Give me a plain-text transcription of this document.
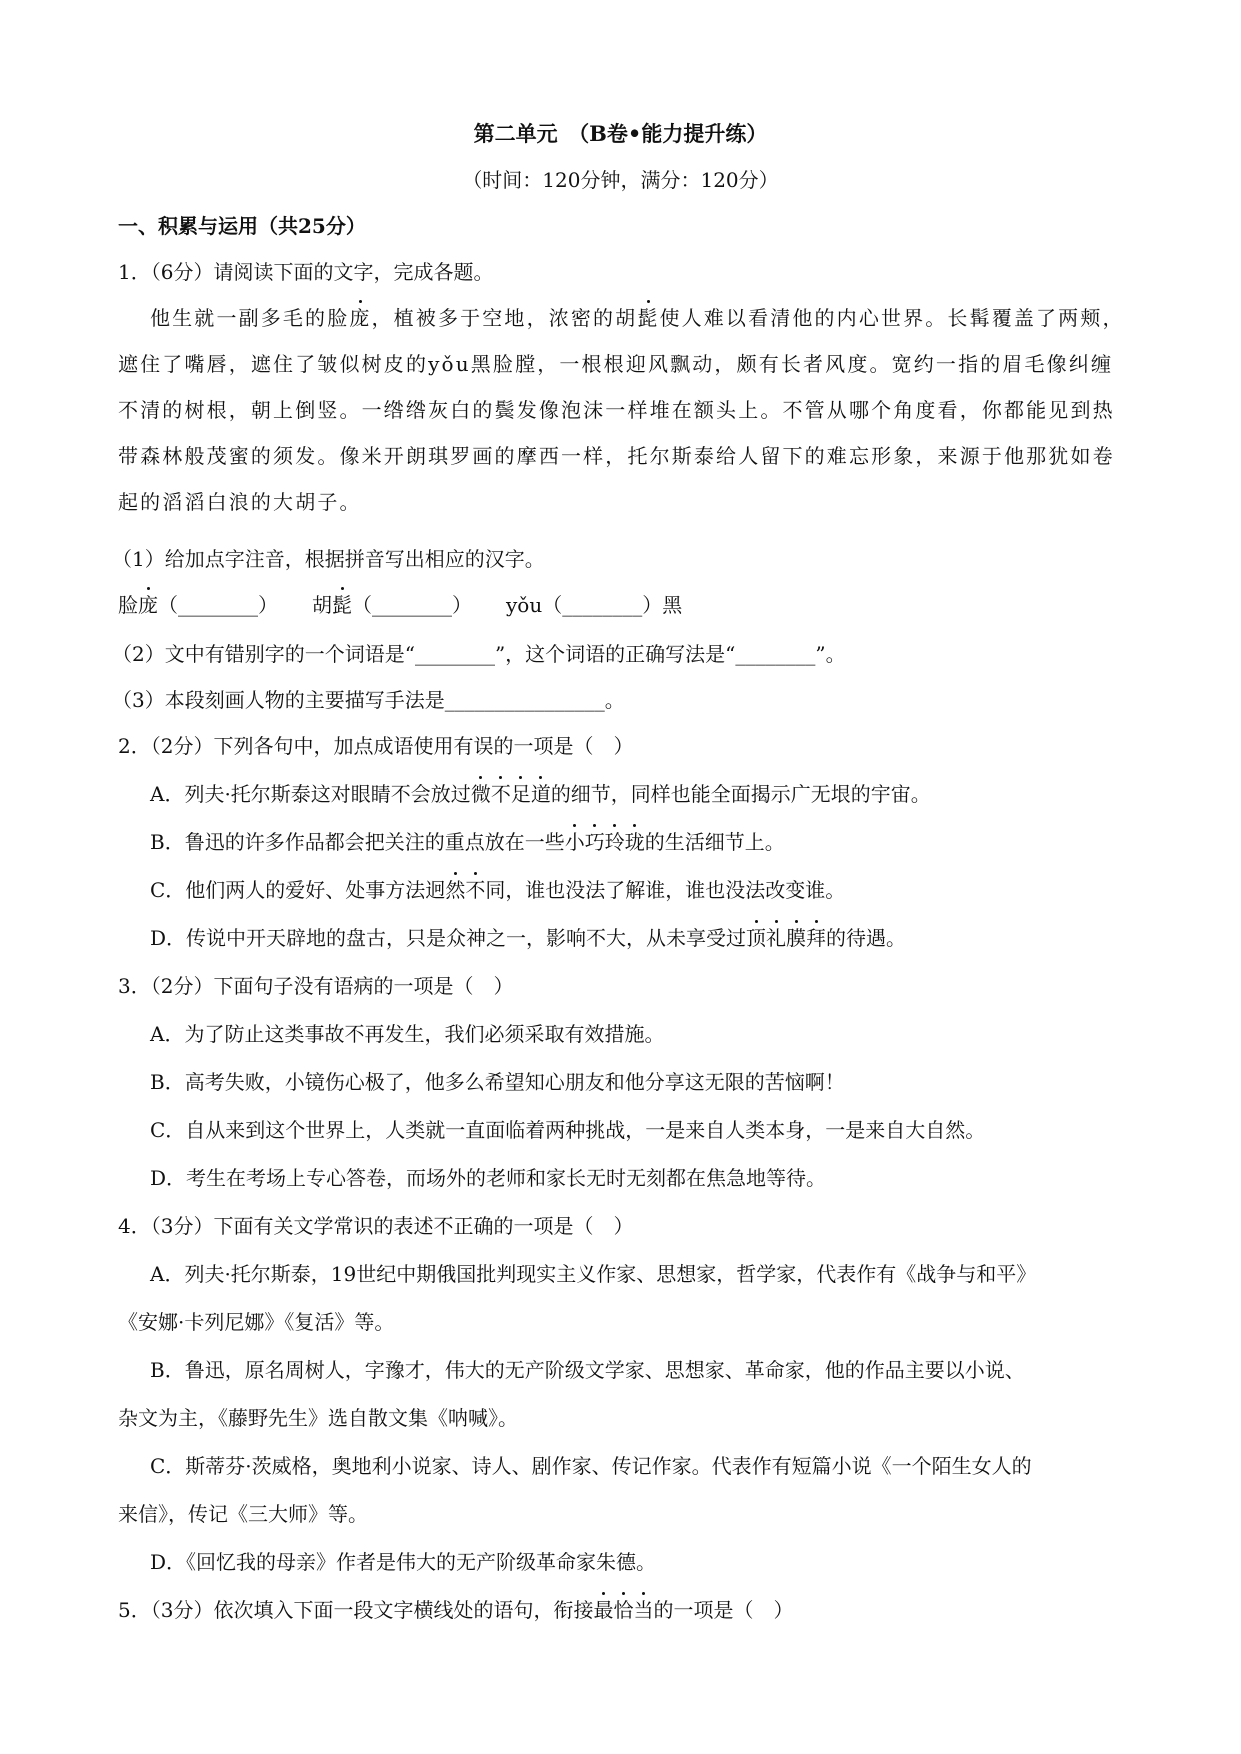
第二单元　（B卷•能力提升练）
（时间：120分钟，满分：120分）
一、积累与运用（共25分）
1．（6分）请阅读下面的文字，完成各题。
他生就一副多毛的脸庞，植被多于空地，浓密的胡髭使人难以看清他的内心世界。长髯覆盖了两颊，
遮住了嘴唇，遮住了皱似树皮的yǒu黑脸膛，一根根迎风飘动，颇有长者风度。宽约一指的眉毛像纠缠
不清的树根，朝上倒竖。一绺绺灰白的鬓发像泡沫一样堆在额头上。不管从哪个角度看，你都能见到热
带森林般茂蜜的须发。像米开朗琪罗画的摩西一样，托尔斯泰给人留下的难忘形象，来源于他那犹如卷
起的滔滔白浪的大胡子。
（1）给加点字注音，根据拼音写出相应的汉字。
脸庞（________） 胡髭（________） yǒu（________）黑
（2）文中有错别字的一个词语是“________”，这个词语的正确写法是“________”。
（3）本段刻画人物的主要描写手法是________________。
2．（2分）下列各句中，加点成语使用有误的一项是（　）
A．列夫·托尔斯泰这对眼睛不会放过微不足道的细节，同样也能全面揭示广无垠的宇宙。
B．鲁迅的许多作品都会把关注的重点放在一些小巧玲珑的生活细节上。
C．他们两人的爱好、处事方法迥然不同，谁也没法了解谁，谁也没法改变谁。
D．传说中开天辟地的盘古，只是众神之一，影响不大，从未享受过顶礼膜拜的待遇。
3．（2分）下面句子没有语病的一项是（　）
A．为了防止这类事故不再发生，我们必须采取有效措施。
B．高考失败，小镜伤心极了，他多么希望知心朋友和他分享这无限的苦恼啊！
C．自从来到这个世界上，人类就一直面临着两种挑战，一是来自人类本身，一是来自大自然。
D．考生在考场上专心答卷，而场外的老师和家长无时无刻都在焦急地等待。
4．（3分）下面有关文学常识的表述不正确的一项是（　）
A．列夫·托尔斯泰，19世纪中期俄国批判现实主义作家、思想家，哲学家，代表作有《战争与和平》
《安娜·卡列尼娜》《复活》等。
B．鲁迅，原名周树人，字豫才，伟大的无产阶级文学家、思想家、革命家，他的作品主要以小说、
杂文为主，《藤野先生》选自散文集《呐喊》。
C．斯蒂芬·茨威格，奥地利小说家、诗人、剧作家、传记作家。代表作有短篇小说《一个陌生女人的
来信》，传记《三大师》等。
D．《回忆我的母亲》作者是伟大的无产阶级革命家朱德。
5．（3分）依次填入下面一段文字横线处的语句，衔接最恰当的一项是（　）
